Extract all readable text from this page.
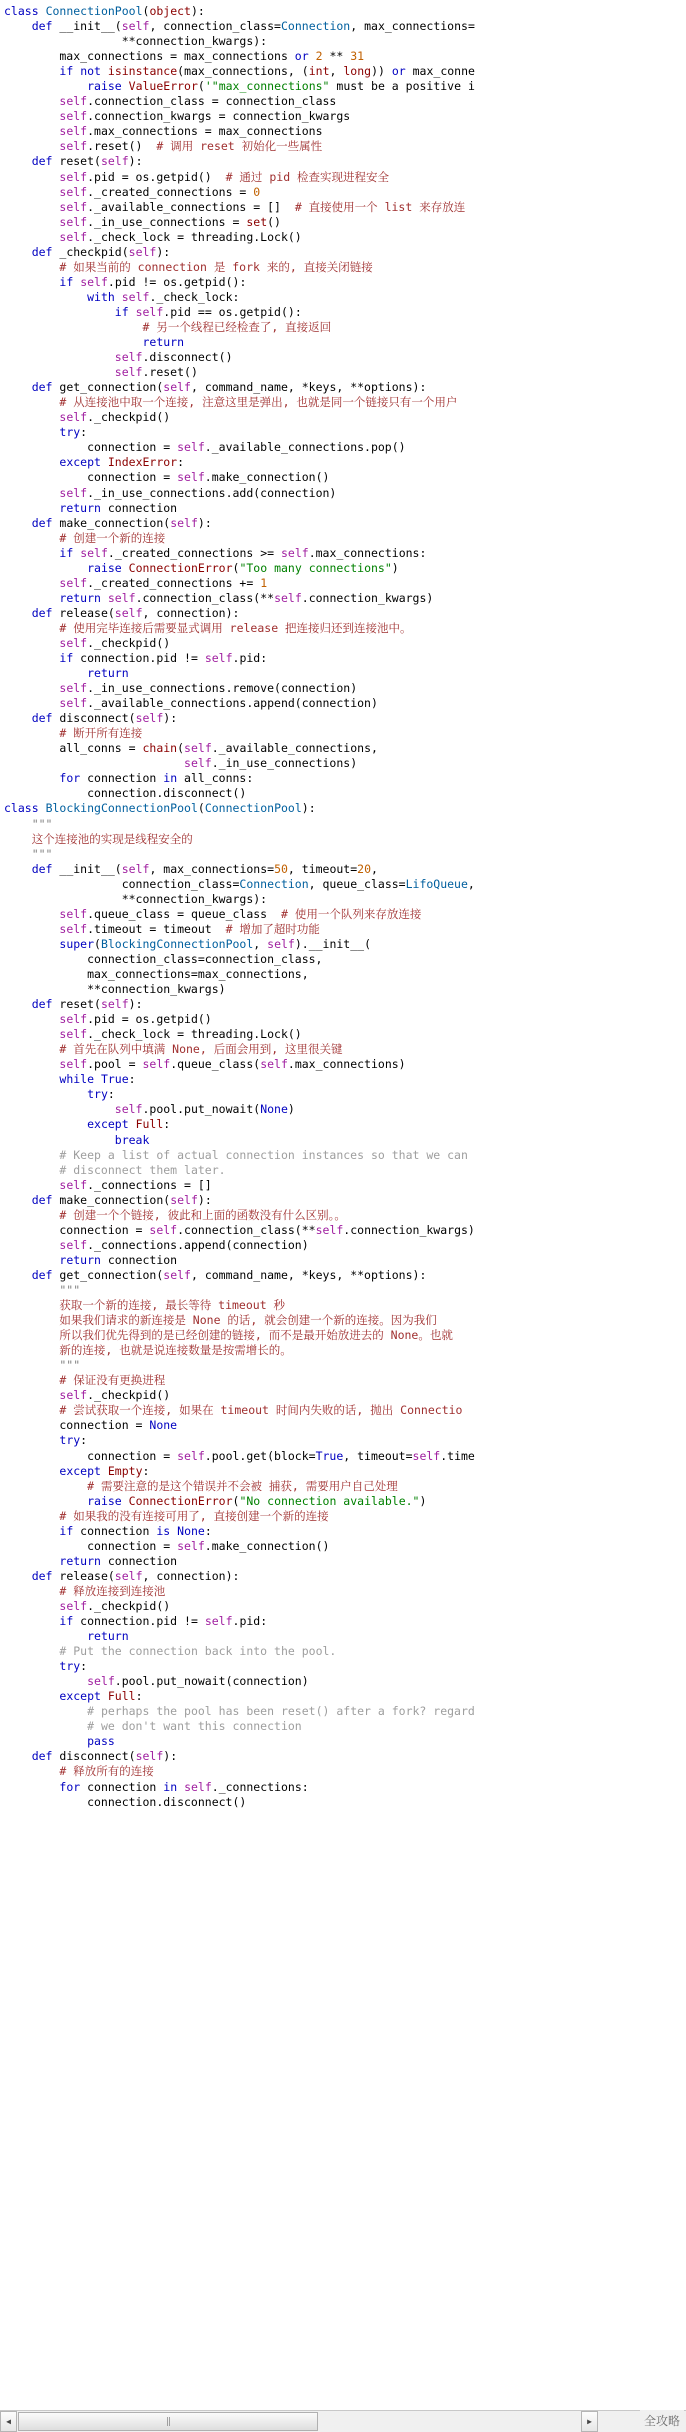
class ConnectionPool(object):
def __init__(self, connection_class=Connection, max_connections=
**connection_kwargs):
max_connections = max_connections or 2 ** 31
if not isinstance(max_connections, (int, long)) or max_conne
raise ValueError('"max_connections" must be a positive i
self.connection_class = connection_class
self.connection_kwargs = connection_kwargs
self.max_connections = max_connections
self.reset()  # 调用 reset 初始化一些属性
def reset(self):
self.pid = os.getpid()  # 通过 pid 检查实现进程安全
self._created_connections = 0
self._available_connections = []  # 直接使用一个 list 来存放连
self._in_use_connections = set()
self._check_lock = threading.Lock()
def _checkpid(self):
# 如果当前的 connection 是 fork 来的, 直接关闭链接
if self.pid != os.getpid():
with self._check_lock:
if self.pid == os.getpid():
# 另一个线程已经检查了, 直接返回
return
self.disconnect()
self.reset()
def get_connection(self, command_name, *keys, **options):
# 从连接池中取一个连接, 注意这里是弹出, 也就是同一个链接只有一个用户
self._checkpid()
try:
connection = self._available_connections.pop()
except IndexError:
connection = self.make_connection()
self._in_use_connections.add(connection)
return connection
def make_connection(self):
# 创建一个新的连接
if self._created_connections >= self.max_connections:
raise ConnectionError("Too many connections")
self._created_connections += 1
return self.connection_class(**self.connection_kwargs)
def release(self, connection):
# 使用完毕连接后需要显式调用 release 把连接归还到连接池中。
self._checkpid()
if connection.pid != self.pid:
return
self._in_use_connections.remove(connection)
self._available_connections.append(connection)
def disconnect(self):
# 断开所有连接
all_conns = chain(self._available_connections,
self._in_use_connections)
for connection in all_conns:
connection.disconnect()
class BlockingConnectionPool(ConnectionPool):
"""
这个连接池的实现是线程安全的
"""
def __init__(self, max_connections=50, timeout=20,
connection_class=Connection, queue_class=LifoQueue,
**connection_kwargs):
self.queue_class = queue_class  # 使用一个队列来存放连接
self.timeout = timeout  # 增加了超时功能
super(BlockingConnectionPool, self).__init__(
connection_class=connection_class,
max_connections=max_connections,
**connection_kwargs)
def reset(self):
self.pid = os.getpid()
self._check_lock = threading.Lock()
# 首先在队列中填满 None, 后面会用到, 这里很关键
self.pool = self.queue_class(self.max_connections)
while True:
try:
self.pool.put_nowait(None)
except Full:
break
# Keep a list of actual connection instances so that we can
# disconnect them later.
self._connections = []
def make_connection(self):
# 创建一个个链接, 彼此和上面的函数没有什么区别。。
connection = self.connection_class(**self.connection_kwargs)
self._connections.append(connection)
return connection
def get_connection(self, command_name, *keys, **options):
"""
获取一个新的连接, 最长等待 timeout 秒
如果我们请求的新连接是 None 的话, 就会创建一个新的连接。因为我们
所以我们优先得到的是已经创建的链接, 而不是最开始放进去的 None。也就
新的连接, 也就是说连接数量是按需增长的。
"""
# 保证没有更换进程
self._checkpid()
# 尝试获取一个连接, 如果在 timeout 时间内失败的话, 抛出 Connectio
connection = None
try:
connection = self.pool.get(block=True, timeout=self.time
except Empty:
# 需要注意的是这个错误并不会被 捕获, 需要用户自己处理
raise ConnectionError("No connection available.")
# 如果我的没有连接可用了, 直接创建一个新的连接
if connection is None:
connection = self.make_connection()
return connection
def release(self, connection):
# 释放连接到连接池
self._checkpid()
if connection.pid != self.pid:
return
# Put the connection back into the pool.
try:
self.pool.put_nowait(connection)
except Full:
# perhaps the pool has been reset() after a fork? regard
# we don't want this connection
pass
def disconnect(self):
# 释放所有的连接
for connection in self._connections:
connection.disconnect()
◀	‖	▶	全攻略
